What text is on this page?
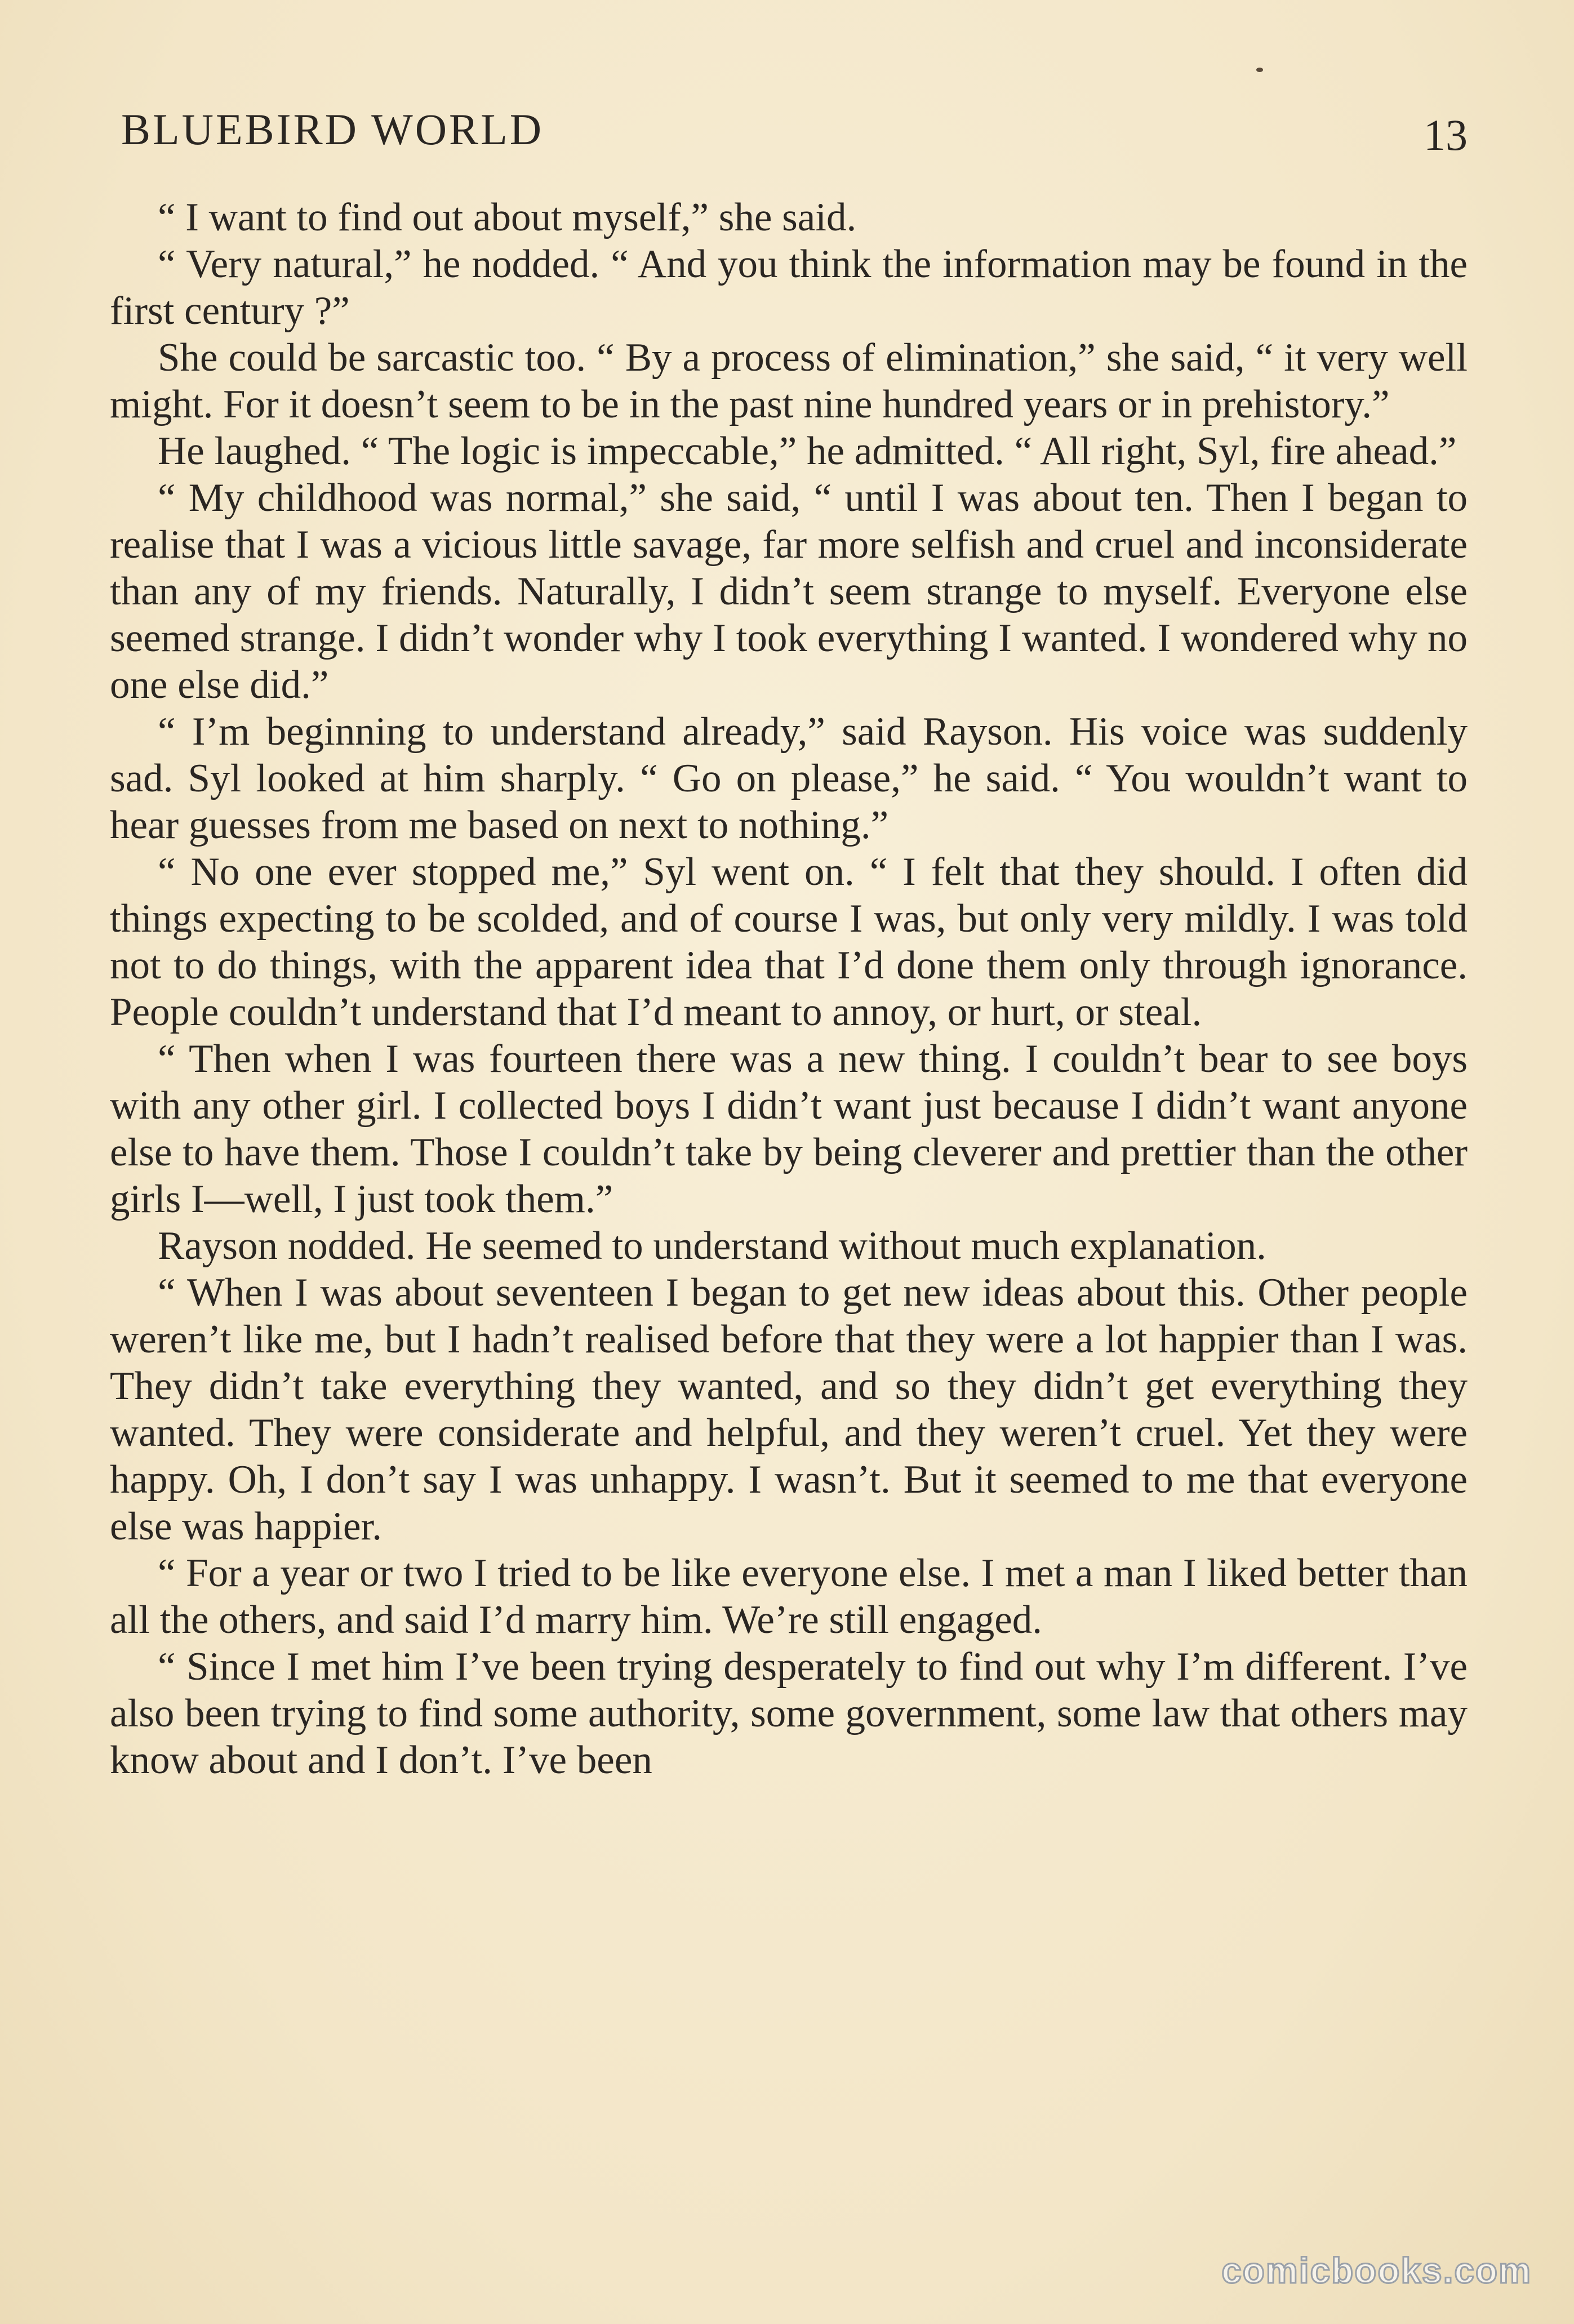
BLUEBIRD WORLD	13

“ I want to find out about myself,” she said.

“ Very natural,” he nodded. “ And you think the information may be found in the first century ?”

She could be sarcastic too. “ By a process of elimination,” she said, “ it very well might. For it doesn’t seem to be in the past nine hundred years or in prehistory.”

He laughed. “ The logic is impeccable,” he admitted. “ All right, Syl, fire ahead.”

“ My childhood was normal,” she said, “ until I was about ten. Then I began to realise that I was a vicious little savage, far more selfish and cruel and inconsiderate than any of my friends. Naturally, I didn’t seem strange to myself. Everyone else seemed strange. I didn’t wonder why I took everything I wanted. I wondered why no one else did.”

“ I’m beginning to understand already,” said Rayson. His voice was suddenly sad. Syl looked at him sharply. “ Go on please,” he said. “ You wouldn’t want to hear guesses from me based on next to nothing.”

“ No one ever stopped me,” Syl went on. “ I felt that they should. I often did things expecting to be scolded, and of course I was, but only very mildly. I was told not to do things, with the apparent idea that I’d done them only through ignorance. People couldn’t understand that I’d meant to annoy, or hurt, or steal.

“ Then when I was fourteen there was a new thing. I couldn’t bear to see boys with any other girl. I collected boys I didn’t want just because I didn’t want anyone else to have them. Those I couldn’t take by being cleverer and prettier than the other girls I—well, I just took them.”

Rayson nodded. He seemed to understand without much explanation.

“ When I was about seventeen I began to get new ideas about this. Other people weren’t like me, but I hadn’t realised before that they were a lot happier than I was. They didn’t take everything they wanted, and so they didn’t get everything they wanted. They were considerate and helpful, and they weren’t cruel. Yet they were happy. Oh, I don’t say I was unhappy. I wasn’t. But it seemed to me that everyone else was happier.

“ For a year or two I tried to be like everyone else. I met a man I liked better than all the others, and said I’d marry him. We’re still engaged.

“ Since I met him I’ve been trying desperately to find out why I’m different. I’ve also been trying to find some authority, some government, some law that others may know about and I don’t. I’ve been

comicbooks.com
